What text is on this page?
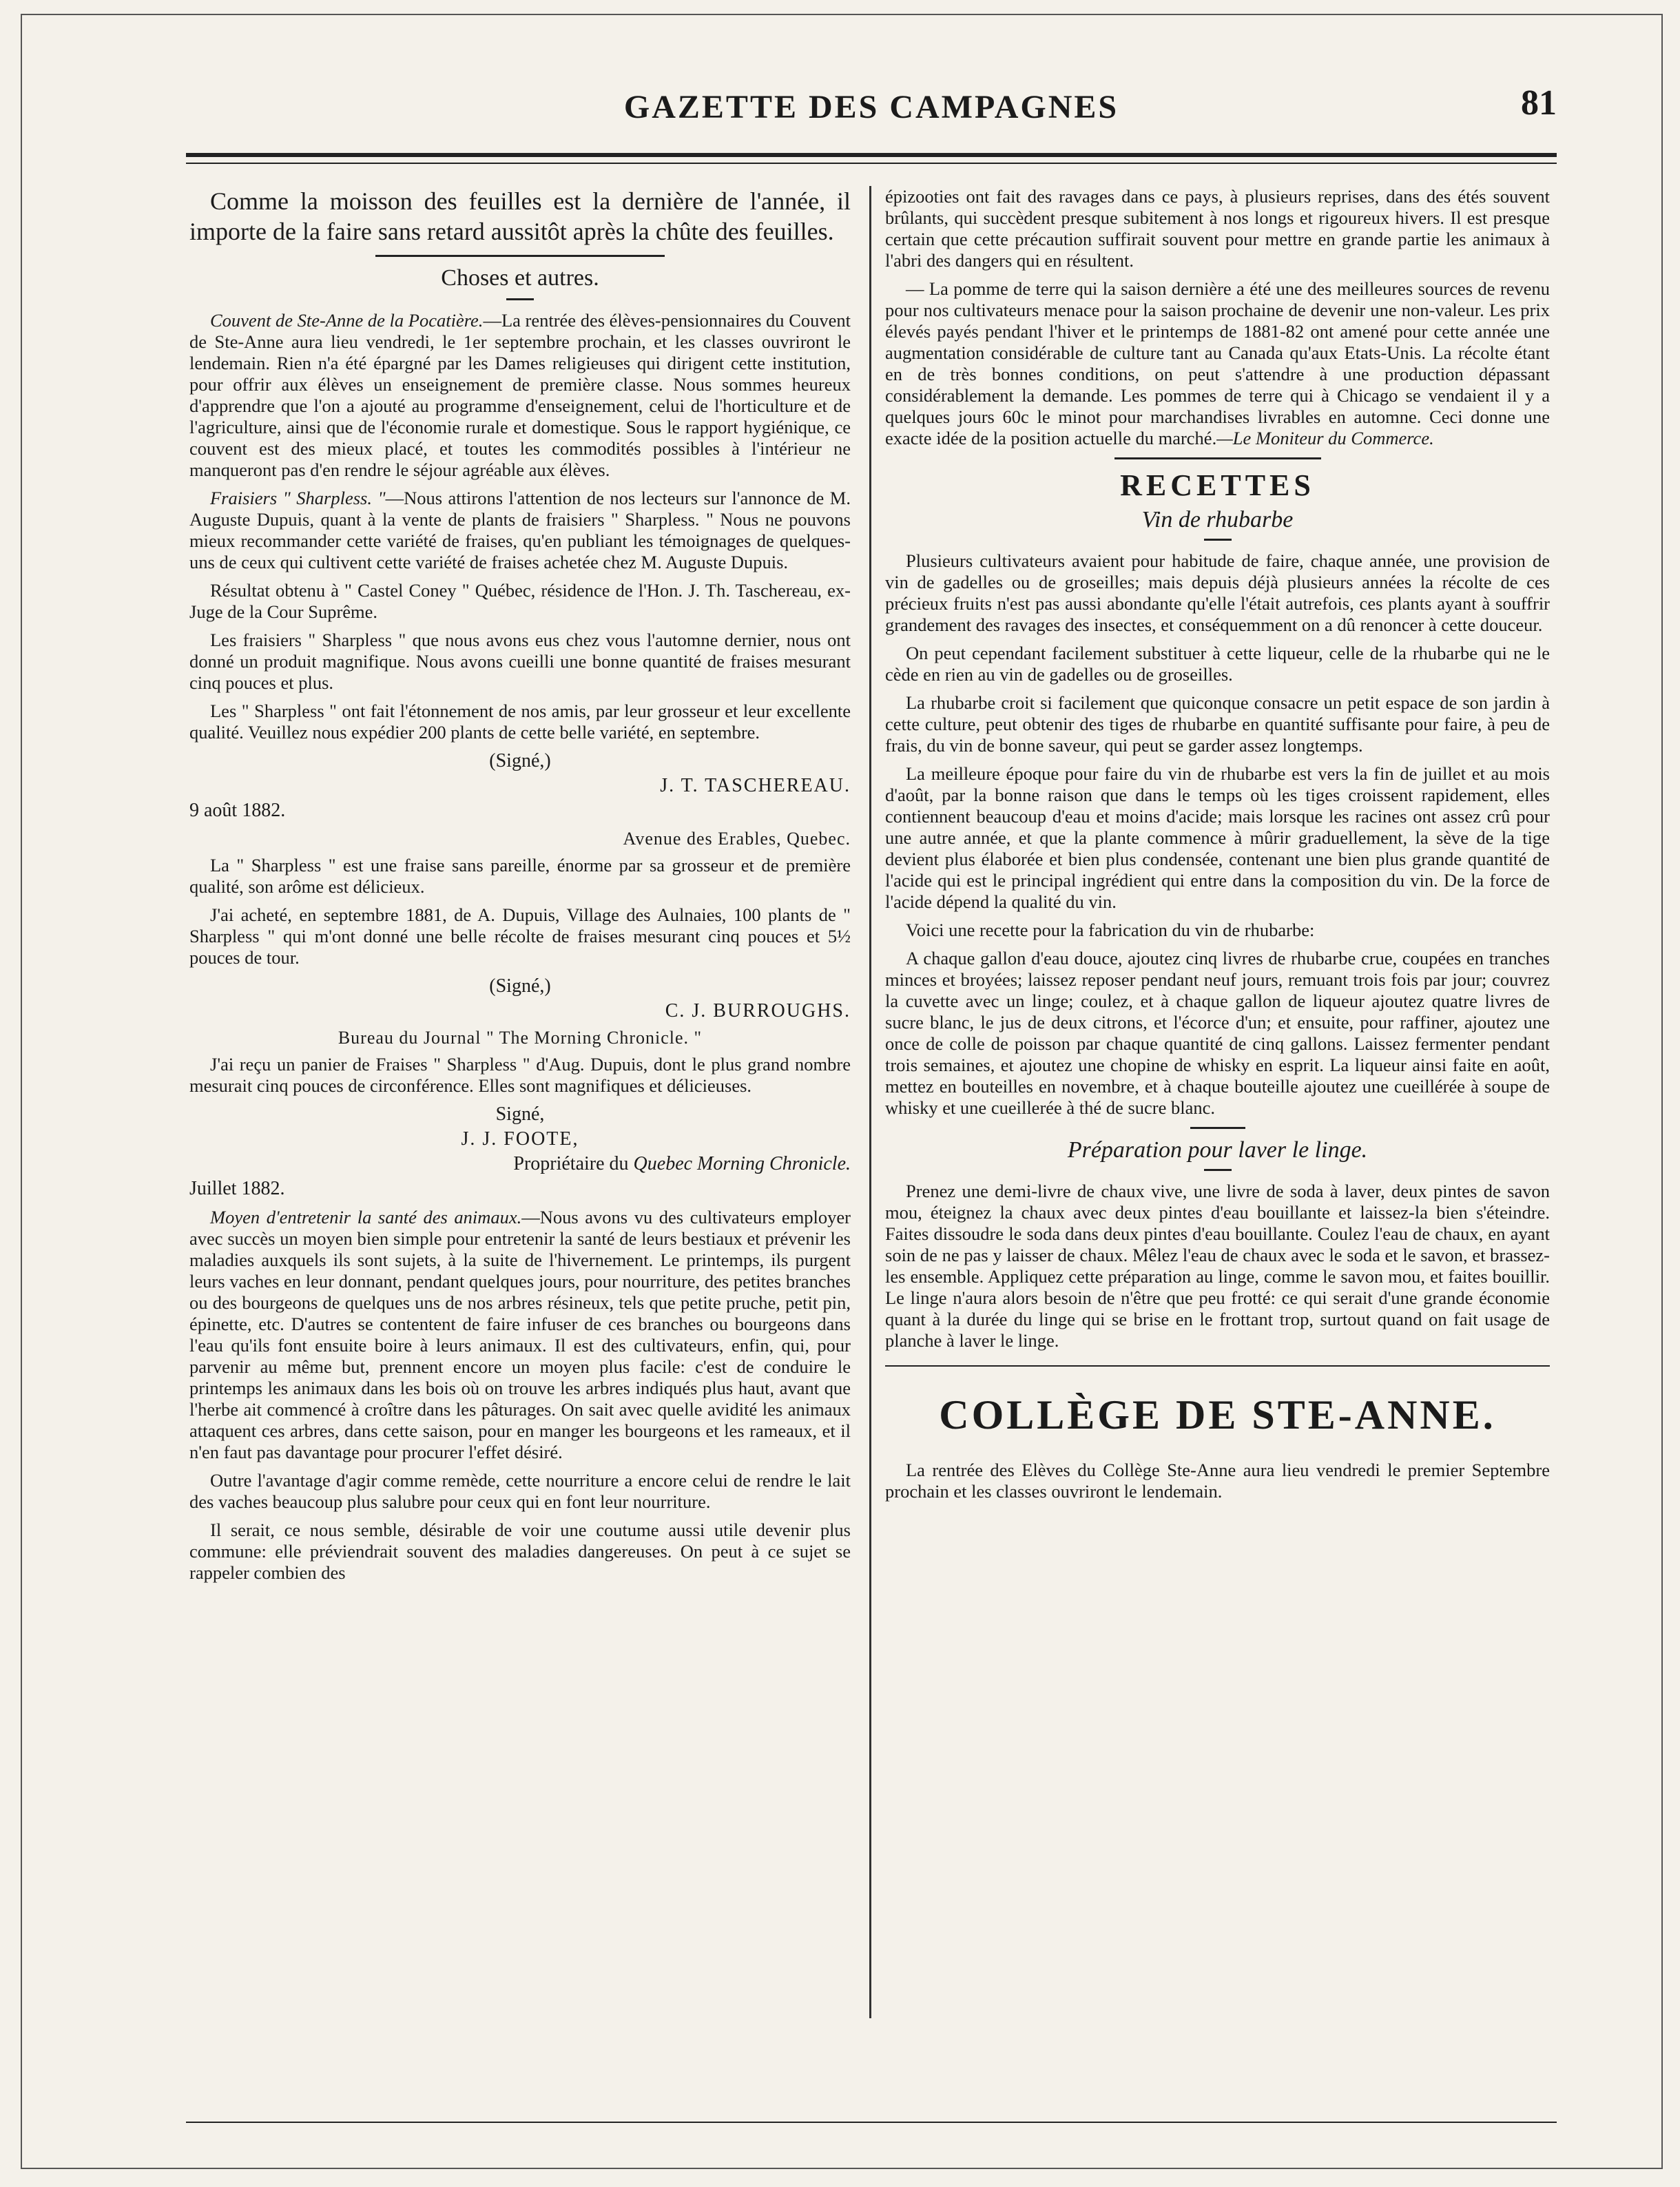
GAZETTE DES CAMPAGNES	81

Comme la moisson des feuilles est la dernière de l'année, il importe de la faire sans retard aussitôt après la chûte des feuilles.

Choses et autres.

Couvent de Ste-Anne de la Pocatière.—La rentrée des élèves-pensionnaires du Couvent de Ste-Anne aura lieu vendredi, le 1er septembre prochain, et les classes ouvriront le lendemain. Rien n'a été épargné par les Dames religieuses qui dirigent cette institution, pour offrir aux élèves un enseignement de première classe. Nous sommes heureux d'apprendre que l'on a ajouté au programme d'enseignement, celui de l'horticulture et de l'agriculture, ainsi que de l'économie rurale et domestique. Sous le rapport hygiénique, ce couvent est des mieux placé, et toutes les commodités possibles à l'intérieur ne manqueront pas d'en rendre le séjour agréable aux élèves.

Fraisiers " Sharpless. "—Nous attirons l'attention de nos lecteurs sur l'annonce de M. Auguste Dupuis, quant à la vente de plants de fraisiers " Sharpless. " Nous ne pouvons mieux recommander cette variété de fraises, qu'en publiant les témoignages de quelques-uns de ceux qui cultivent cette variété de fraises achetée chez M. Auguste Dupuis.

Résultat obtenu à " Castel Coney " Québec, résidence de l'Hon. J. Th. Taschereau, ex-Juge de la Cour Suprême.

Les fraisiers " Sharpless " que nous avons eus chez vous l'automne dernier, nous ont donné un produit magnifique. Nous avons cueilli une bonne quantité de fraises mesurant cinq pouces et plus.

Les " Sharpless " ont fait l'étonnement de nos amis, par leur grosseur et leur excellente qualité. Veuillez nous expédier 200 plants de cette belle variété, en septembre.

(Signé,)
J. T. TASCHEREAU.
9 août 1882.
Avenue des Erables, Quebec.

La " Sharpless " est une fraise sans pareille, énorme par sa grosseur et de première qualité, son arôme est délicieux.

J'ai acheté, en septembre 1881, de A. Dupuis, Village des Aulnaies, 100 plants de " Sharpless " qui m'ont donné une belle récolte de fraises mesurant cinq pouces et 5½ pouces de tour.

(Signé,)
C. J. BURROUGHS.
Bureau du Journal " The Morning Chronicle. "

J'ai reçu un panier de Fraises " Sharpless " d'Aug. Dupuis, dont le plus grand nombre mesurait cinq pouces de circonférence. Elles sont magnifiques et délicieuses.

Signé,
J. J. FOOTE,
Propriétaire du Quebec Morning Chronicle.
Juillet 1882.

Moyen d'entretenir la santé des animaux.—Nous avons vu des cultivateurs employer avec succès un moyen bien simple pour entretenir la santé de leurs bestiaux et prévenir les maladies auxquels ils sont sujets, à la suite de l'hivernement. Le printemps, ils purgent leurs vaches en leur donnant, pendant quelques jours, pour nourriture, des petites branches ou des bourgeons de quelques uns de nos arbres résineux, tels que petite pruche, petit pin, épinette, etc. D'autres se contentent de faire infuser de ces branches ou bourgeons dans l'eau qu'ils font ensuite boire à leurs animaux. Il est des cultivateurs, enfin, qui, pour parvenir au même but, prennent encore un moyen plus facile: c'est de conduire le printemps les animaux dans les bois où on trouve les arbres indiqués plus haut, avant que l'herbe ait commencé à croître dans les pâturages. On sait avec quelle avidité les animaux attaquent ces arbres, dans cette saison, pour en manger les bourgeons et les rameaux, et il n'en faut pas davantage pour procurer l'effet désiré.

Outre l'avantage d'agir comme remède, cette nourriture a encore celui de rendre le lait des vaches beaucoup plus salubre pour ceux qui en font leur nourriture.

Il serait, ce nous semble, désirable de voir une coutume aussi utile devenir plus commune: elle préviendrait souvent des maladies dangereuses. On peut à ce sujet se rappeler combien des

épizooties ont fait des ravages dans ce pays, à plusieurs reprises, dans des étés souvent brûlants, qui succèdent presque subitement à nos longs et rigoureux hivers. Il est presque certain que cette précaution suffirait souvent pour mettre en grande partie les animaux à l'abri des dangers qui en résultent.

— La pomme de terre qui la saison dernière a été une des meilleures sources de revenu pour nos cultivateurs menace pour la saison prochaine de devenir une non-valeur. Les prix élevés payés pendant l'hiver et le printemps de 1881-82 ont amené pour cette année une augmentation considérable de culture tant au Canada qu'aux Etats-Unis. La récolte étant en de très bonnes conditions, on peut s'attendre à une production dépassant considérablement la demande. Les pommes de terre qui à Chicago se vendaient il y a quelques jours 60c le minot pour marchandises livrables en automne. Ceci donne une exacte idée de la position actuelle du marché.—Le Moniteur du Commerce.

RECETTES
Vin de rhubarbe

Plusieurs cultivateurs avaient pour habitude de faire, chaque année, une provision de vin de gadelles ou de groseilles; mais depuis déjà plusieurs années la récolte de ces précieux fruits n'est pas aussi abondante qu'elle l'était autrefois, ces plants ayant à souffrir grandement des ravages des insectes, et conséquemment on a dû renoncer à cette douceur.

On peut cependant facilement substituer à cette liqueur, celle de la rhubarbe qui ne le cède en rien au vin de gadelles ou de groseilles.

La rhubarbe croit si facilement que quiconque consacre un petit espace de son jardin à cette culture, peut obtenir des tiges de rhubarbe en quantité suffisante pour faire, à peu de frais, du vin de bonne saveur, qui peut se garder assez longtemps.

La meilleure époque pour faire du vin de rhubarbe est vers la fin de juillet et au mois d'août, par la bonne raison que dans le temps où les tiges croissent rapidement, elles contiennent beaucoup d'eau et moins d'acide; mais lorsque les racines ont assez crû pour une autre année, et que la plante commence à mûrir graduellement, la sève de la tige devient plus élaborée et bien plus condensée, contenant une bien plus grande quantité de l'acide qui est le principal ingrédient qui entre dans la composition du vin. De la force de l'acide dépend la qualité du vin.

Voici une recette pour la fabrication du vin de rhubarbe:

A chaque gallon d'eau douce, ajoutez cinq livres de rhubarbe crue, coupées en tranches minces et broyées; laissez reposer pendant neuf jours, remuant trois fois par jour; couvrez la cuvette avec un linge; coulez, et à chaque gallon de liqueur ajoutez quatre livres de sucre blanc, le jus de deux citrons, et l'écorce d'un; et ensuite, pour raffiner, ajoutez une once de colle de poisson par chaque quantité de cinq gallons. Laissez fermenter pendant trois semaines, et ajoutez une chopine de whisky en esprit. La liqueur ainsi faite en août, mettez en bouteilles en novembre, et à chaque bouteille ajoutez une cueillérée à soupe de whisky et une cueillerée à thé de sucre blanc.

Préparation pour laver le linge.

Prenez une demi-livre de chaux vive, une livre de soda à laver, deux pintes de savon mou, éteignez la chaux avec deux pintes d'eau bouillante et laissez-la bien s'éteindre. Faites dissoudre le soda dans deux pintes d'eau bouillante. Coulez l'eau de chaux, en ayant soin de ne pas y laisser de chaux. Mêlez l'eau de chaux avec le soda et le savon, et brassez-les ensemble. Appliquez cette préparation au linge, comme le savon mou, et faites bouillir. Le linge n'aura alors besoin de n'être que peu frotté: ce qui serait d'une grande économie quant à la durée du linge qui se brise en le frottant trop, surtout quand on fait usage de planche à laver le linge.

COLLÈGE DE STE-ANNE.

La rentrée des Elèves du Collège Ste-Anne aura lieu vendredi le premier Septembre prochain et les classes ouvriront le lendemain.
